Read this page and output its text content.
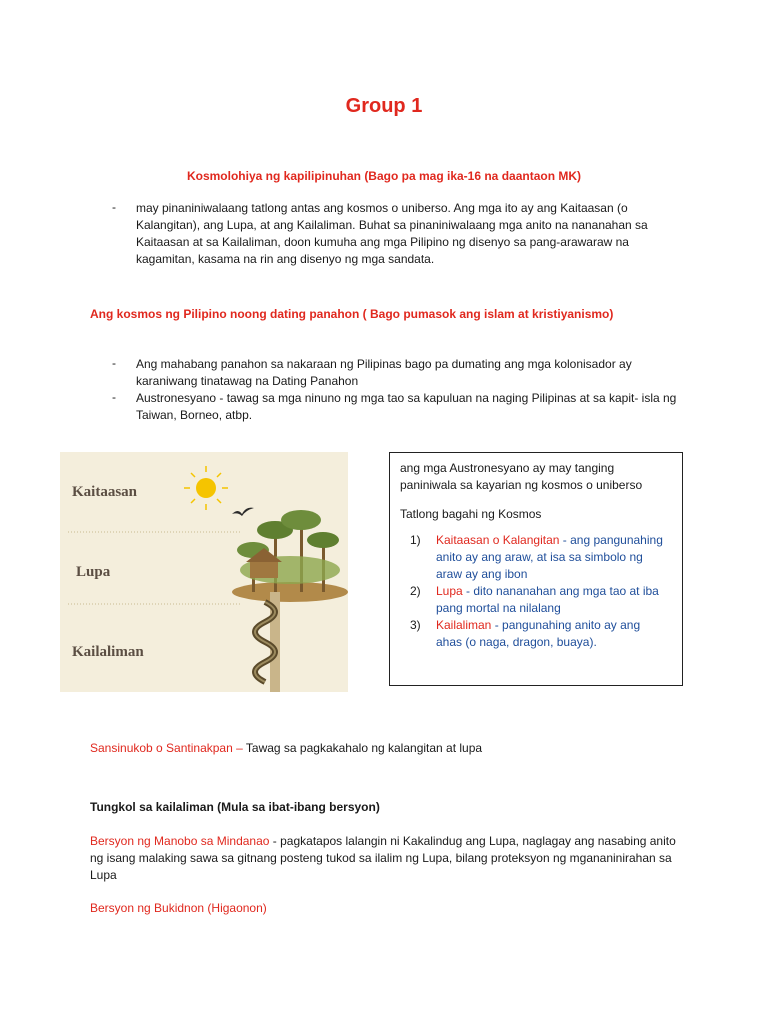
Group 1
Kosmolohiya ng kapilipinuhan (Bago pa mag ika-16 na daantaon MK)
- may pinaniniwalaang tatlong antas ang kosmos o uniberso. Ang mga ito ay ang Kaitaasan (o
Kalangitan), ang Lupa, at ang Kailaliman. Buhat sa pinaniniwalaang mga anito na nananahan sa
Kaitaasan at sa Kailaliman, doon kumuha ang mga Pilipino ng disenyo sa pang-arawaraw na
kagamitan, kasama na rin ang disenyo ng mga sandata.
Ang kosmos ng Pilipino noong dating panahon ( Bago pumasok ang islam at kristiyanismo)
- Ang mahabang panahon sa nakaraan ng Pilipinas bago pa dumating ang mga kolonisador ay
karaniwang tinatawag na Dating Panahon
- Austronesyano - tawag sa mga ninuno ng mga tao sa kapuluan na naging Pilipinas at sa kapit- isla ng
Taiwan, Borneo, atbp.
Kaitaasan
Lupa
Kailaliman
ang mga Austronesyano ay may tanging
paniniwala sa kayarian ng kosmos o uniberso
Tatlong bagahi ng Kosmos
1) Kaitaasan o Kalangitan - ang pangunahing
anito ay ang araw, at isa sa simbolo ng
araw ay ang ibon
2) Lupa - dito nananahan ang mga tao at iba
pang mortal na nilalang
3) Kailaliman - pangunahing anito ay ang
ahas (o naga, dragon, buaya).
Sansinukob o Santinakpan – Tawag sa pagkakahalo ng kalangitan at lupa
Tungkol sa kailaliman (Mula sa ibat-ibang bersyon)
Bersyon ng Manobo sa Mindanao - pagkatapos lalangin ni Kakalindug ang Lupa, naglagay ang nasabing anito
ng isang malaking sawa sa gitnang posteng tukod sa ilalim ng Lupa, bilang proteksyon ng mgananinirahan sa
Lupa
Bersyon ng Bukidnon (Higaonon)
